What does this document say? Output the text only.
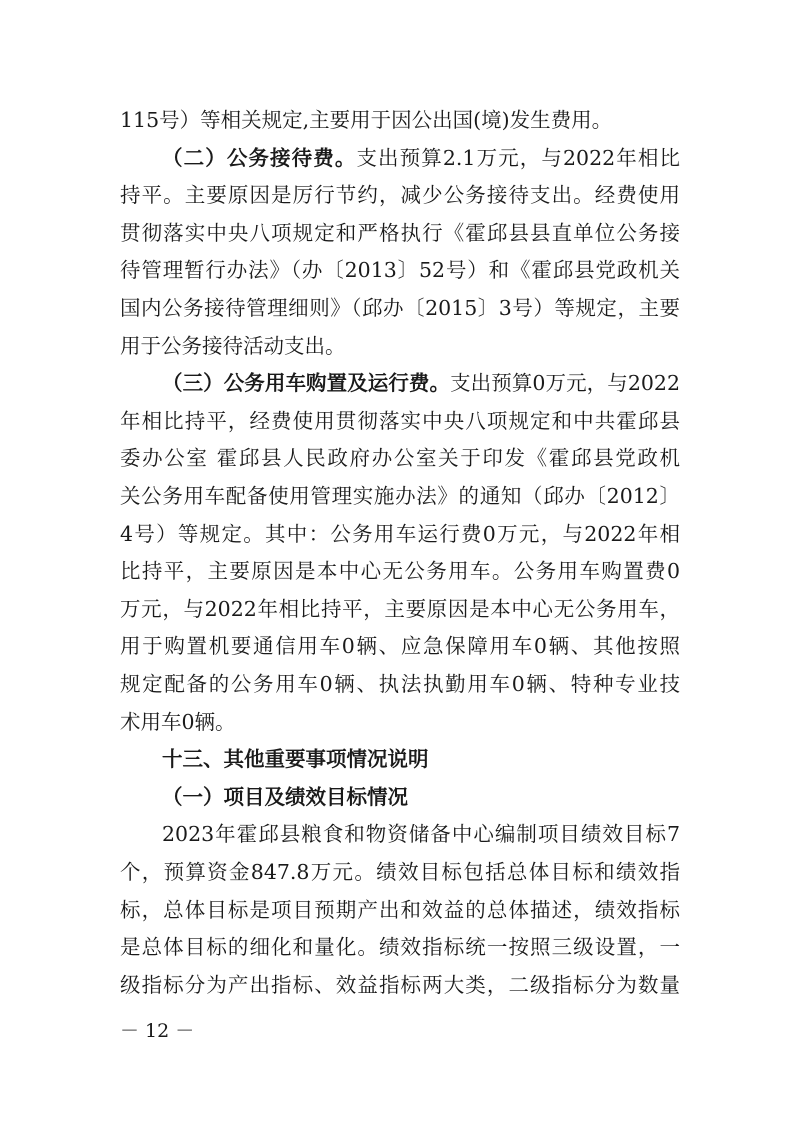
115号）等相关规定,主要用于因公出国(境)发生费用。
（二）公务接待费。支出预算2.1万元，与2022年相比
持平。主要原因是厉行节约，减少公务接待支出。经费使用
贯彻落实中央八项规定和严格执行《霍邱县县直单位公务接
待管理暂行办法》（办〔2013〕52号）和《霍邱县党政机关
国内公务接待管理细则》（邱办〔2015〕3号）等规定，主要
用于公务接待活动支出。
（三）公务用车购置及运行费。支出预算0万元，与2022
年相比持平，经费使用贯彻落实中央八项规定和中共霍邱县
委办公室 霍邱县人民政府办公室关于印发《霍邱县党政机
关公务用车配备使用管理实施办法》的通知（邱办〔2012〕
4号）等规定。其中：公务用车运行费0万元，与2022年相
比持平，主要原因是本中心无公务用车。公务用车购置费0
万元，与2022年相比持平，主要原因是本中心无公务用车，
用于购置机要通信用车0辆、应急保障用车0辆、其他按照
规定配备的公务用车0辆、执法执勤用车0辆、特种专业技
术用车0辆。
十三、其他重要事项情况说明
（一）项目及绩效目标情况
2023年霍邱县粮食和物资储备中心编制项目绩效目标7
个，预算资金847.8万元。绩效目标包括总体目标和绩效指
标，总体目标是项目预期产出和效益的总体描述，绩效指标
是总体目标的细化和量化。绩效指标统一按照三级设置，一
级指标分为产出指标、效益指标两大类，二级指标分为数量
－ 12 －
